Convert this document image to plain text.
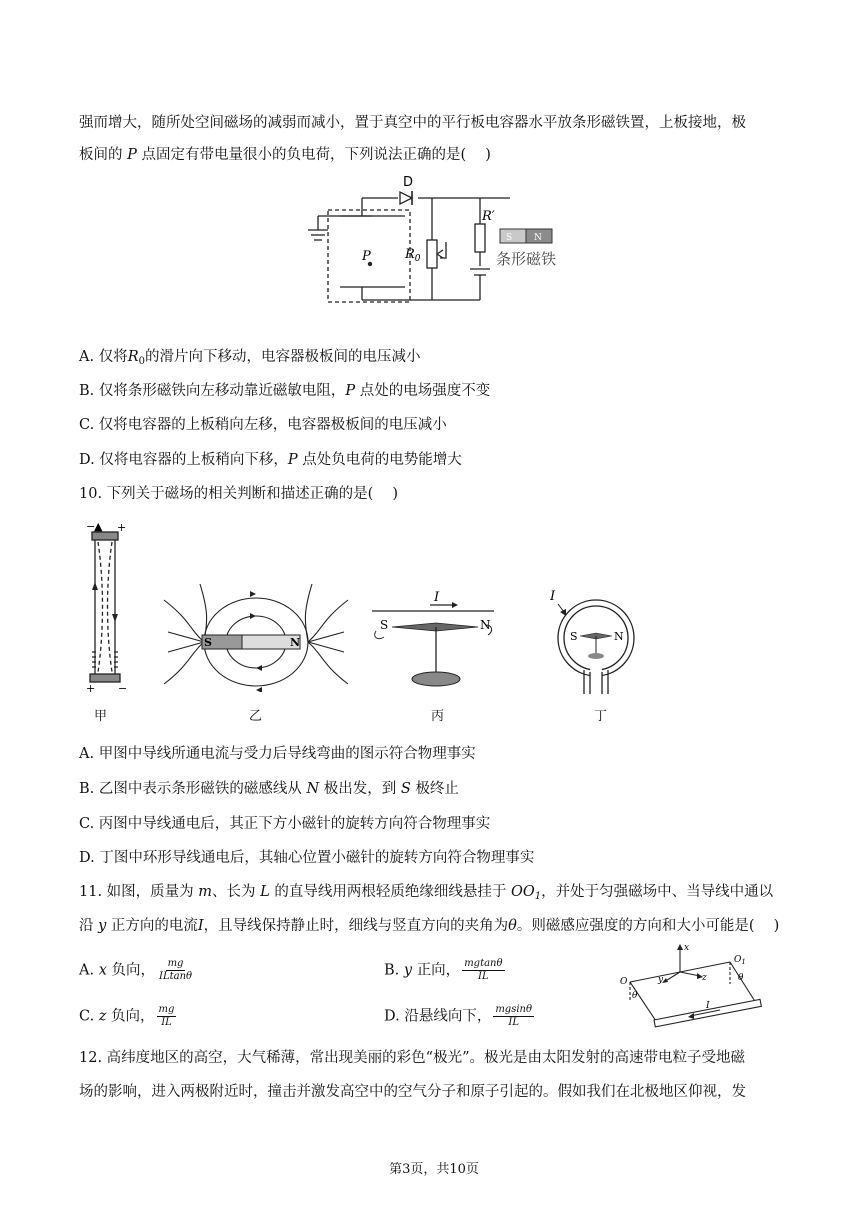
强而增大，随所处空间磁场的减弱而减小，置于真空中的平行板电容器水平放条形磁铁置，上板接地，极
板间的 P 点固定有带电量很小的负电荷，下列说法正确的是(　 )
D
$R_0$
R′
P
S N
条形磁铁
A. 仅将$R_0$的滑片向下移动，电容器极板间的电压减小
B. 仅将条形磁铁向左移动靠近磁敏电阻，P 点处的电场强度不变
C. 仅将电容器的上板稍向左移，电容器极板间的电压减小
D. 仅将电容器的上板稍向下移，P 点处负电荷的电势能增大
10. 下列关于磁场的相关判断和描述正确的是(　 )
−
▲ +
+ −
S	N
I
S	N
I
S	N
甲	乙	丙	丁
A. 甲图中导线所通电流与受力后导线弯曲的图示符合物理事实
B. 乙图中表示条形磁铁的磁感线从 N 极出发，到 S 极终止
C. 丙图中导线通电后，其正下方小磁针的旋转方向符合物理事实
D. 丁图中环形导线通电后，其轴心位置小磁针的旋转方向符合物理事实
11. 如图，质量为 m、长为 L 的直导线用两根轻质绝缘细线悬挂于 $OO_1$，并处于匀强磁场中、当导线中通以
沿 y 正方向的电流I，且导线保持静止时，细线与竖直方向的夹角为θ。则磁感应强度的方向和大小可能是(　 )
A. x 负向， $\frac{mg}{ILtan\theta}$	B. y 正向， $\frac{mgtan\theta}{IL}$
C. z 负向， $\frac{mg}{IL}$	D. 沿悬线向下， $\frac{mgsin\theta}{IL}$
x
y	z
O
$O_1$
θ
θ
I
12. 高纬度地区的高空，大气稀薄，常出现美丽的彩色“极光”。极光是由太阳发射的高速带电粒子受地磁
场的影响，进入两极附近时，撞击并激发高空中的空气分子和原子引起的。假如我们在北极地区仰视，发
第3页，共10页
